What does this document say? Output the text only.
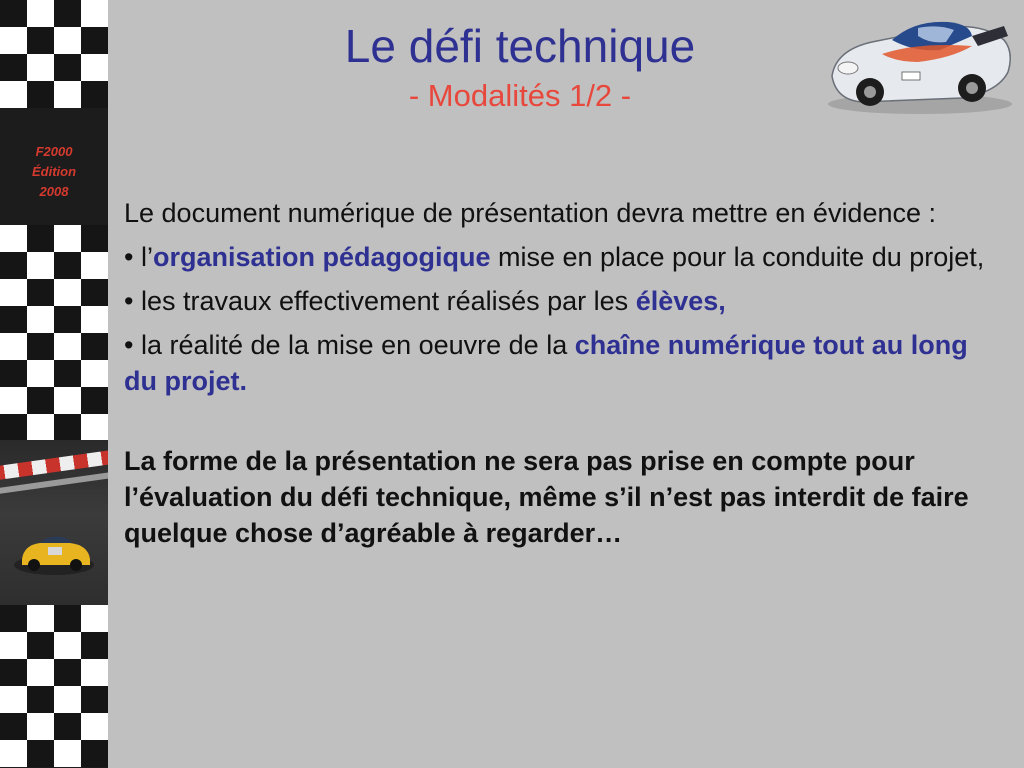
F2000
Édition
2008
Le défi technique
- Modalités 1/2 -

Le document numérique de présentation devra mettre en évidence :

• l’organisation pédagogique mise en place pour la conduite du projet,

• les travaux effectivement réalisés par les élèves,

• la réalité de la mise en oeuvre de la chaîne numérique tout au long du projet.

La forme de la présentation ne sera pas prise en compte pour l’évaluation du défi technique, même s’il n’est pas interdit de faire quelque chose d’agréable à regarder…
